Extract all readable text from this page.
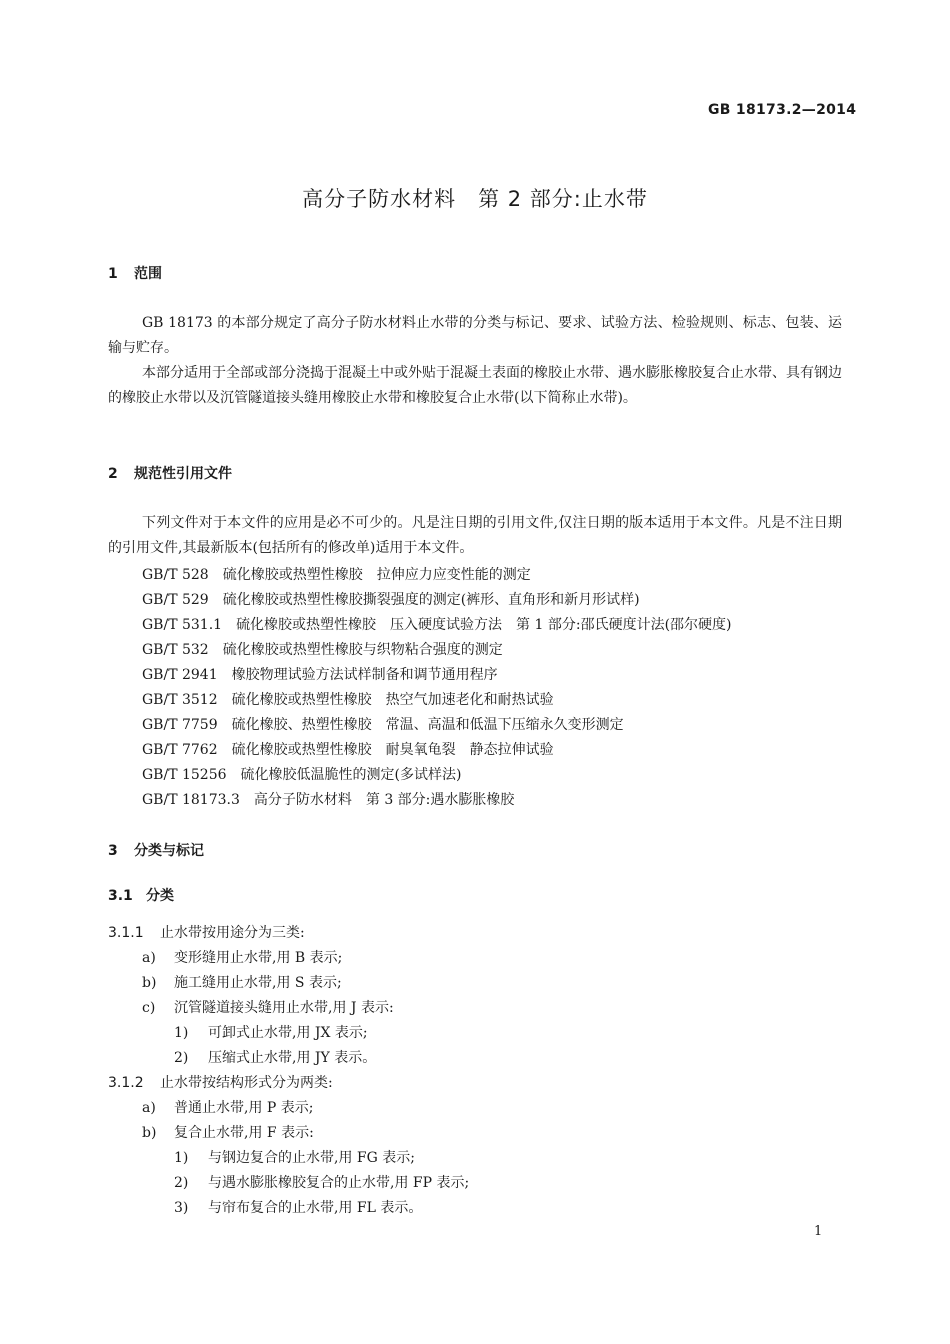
GB 18173.2—2014
高分子防水材料　第 2 部分:止水带
1 范围
GB 18173 的本部分规定了高分子防水材料止水带的分类与标记、要求、试验方法、检验规则、标志、包装、运输与贮存。
本部分适用于全部或部分浇捣于混凝土中或外贴于混凝土表面的橡胶止水带、遇水膨胀橡胶复合止水带、具有钢边的橡胶止水带以及沉管隧道接头缝用橡胶止水带和橡胶复合止水带(以下简称止水带)。
2 规范性引用文件
下列文件对于本文件的应用是必不可少的。凡是注日期的引用文件,仅注日期的版本适用于本文件。凡是不注日期的引用文件,其最新版本(包括所有的修改单)适用于本文件。
GB/T 528 硫化橡胶或热塑性橡胶　拉伸应力应变性能的测定
GB/T 529 硫化橡胶或热塑性橡胶撕裂强度的测定(裤形、直角形和新月形试样)
GB/T 531.1 硫化橡胶或热塑性橡胶　压入硬度试验方法　第 1 部分:邵氏硬度计法(邵尔硬度)
GB/T 532 硫化橡胶或热塑性橡胶与织物粘合强度的测定
GB/T 2941 橡胶物理试验方法试样制备和调节通用程序
GB/T 3512 硫化橡胶或热塑性橡胶　热空气加速老化和耐热试验
GB/T 7759 硫化橡胶、热塑性橡胶　常温、高温和低温下压缩永久变形测定
GB/T 7762 硫化橡胶或热塑性橡胶　耐臭氧龟裂　静态拉伸试验
GB/T 15256 硫化橡胶低温脆性的测定(多试样法)
GB/T 18173.3 高分子防水材料　第 3 部分:遇水膨胀橡胶
3 分类与标记
3.1 分类
3.1.1 止水带按用途分为三类:
a) 变形缝用止水带,用 B 表示;
b) 施工缝用止水带,用 S 表示;
c) 沉管隧道接头缝用止水带,用 J 表示:
1) 可卸式止水带,用 JX 表示;
2) 压缩式止水带,用 JY 表示。
3.1.2 止水带按结构形式分为两类:
a) 普通止水带,用 P 表示;
b) 复合止水带,用 F 表示:
1) 与钢边复合的止水带,用 FG 表示;
2) 与遇水膨胀橡胶复合的止水带,用 FP 表示;
3) 与帘布复合的止水带,用 FL 表示。
1
